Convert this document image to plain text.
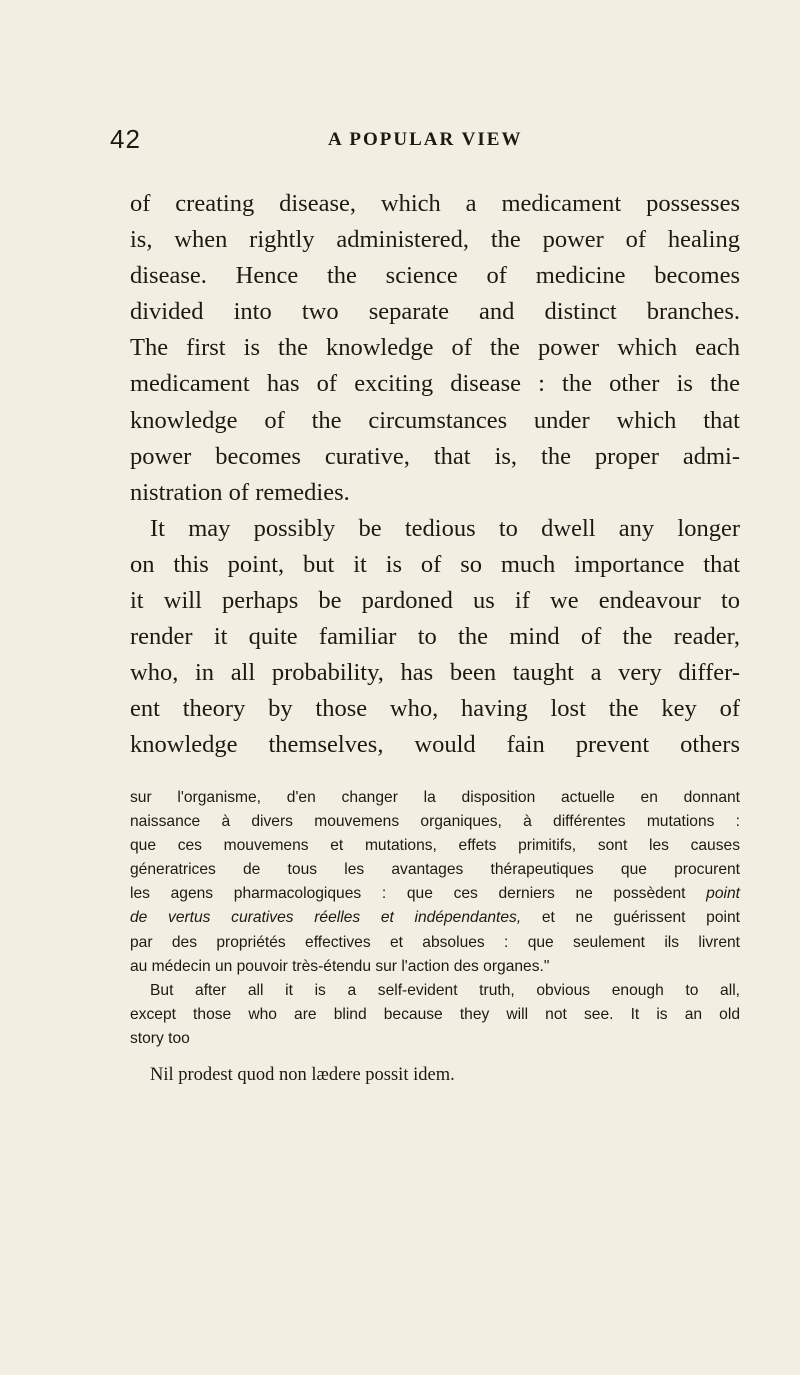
42	A POPULAR VIEW
of creating disease, which a medicament possesses
is, when rightly administered, the power of healing
disease. Hence the science of medicine becomes
divided into two separate and distinct branches.
The first is the knowledge of the power which each
medicament has of exciting disease : the other is the
knowledge of the circumstances under which that
power becomes curative, that is, the proper admi-
nistration of remedies.
It may possibly be tedious to dwell any longer
on this point, but it is of so much importance that
it will perhaps be pardoned us if we endeavour to
render it quite familiar to the mind of the reader,
who, in all probability, has been taught a very differ-
ent theory by those who, having lost the key of
knowledge themselves, would fain prevent others
sur l'organisme, d'en changer la disposition actuelle en donnant
naissance à divers mouvemens organiques, à différentes mutations :
que ces mouvemens et mutations, effets primitifs, sont les causes
géneratrices de tous les avantages thérapeutiques que procurent
les agens pharmacologiques : que ces derniers ne possèdent point
de vertus curatives réelles et indépendantes, et ne guérissent point
par des propriétés effectives et absolues : que seulement ils livrent
au médecin un pouvoir très-étendu sur l'action des organes."
But after all it is a self-evident truth, obvious enough to all,
except those who are blind because they will not see. It is an old
story too
Nil prodest quod non lædere possit idem.
